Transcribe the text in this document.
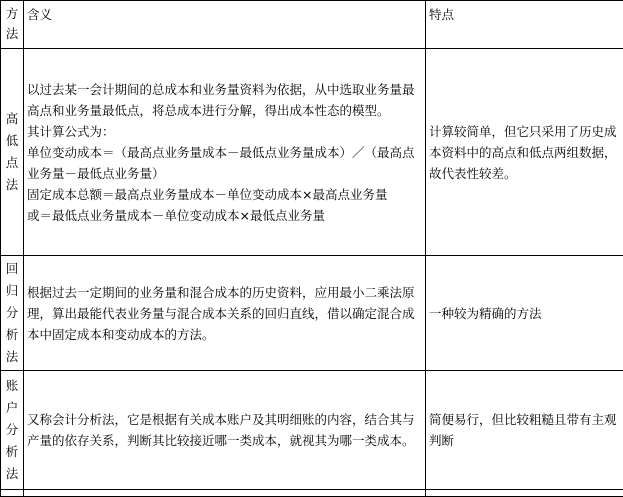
方法	含义	特点

高低点法	以过去某一会计期间的总成本和业务量资料为依据，从中选取业务量最高点和业务量最低点，将总成本进行分解，得出成本性态的模型。
其计算公式为：
单位变动成本＝（最高点业务量成本－最低点业务量成本）／（最高点业务量－最低点业务量）
固定成本总额＝最高点业务量成本－单位变动成本×最高点业务量
或＝最低点业务量成本－单位变动成本×最低点业务量	计算较简单，但它只采用了历史成本资料中的高点和低点两组数据，故代表性较差。

回归分析法	根据过去一定期间的业务量和混合成本的历史资料，应用最小二乘法原理，算出最能代表业务量与混合成本关系的回归直线，借以确定混合成本中固定成本和变动成本的方法。	一种较为精确的方法

账户分析法	又称会计分析法，它是根据有关成本账户及其明细账的内容，结合其与产量的依存关系，判断其比较接近哪一类成本，就视其为哪一类成本。	简便易行，但比较粗糙且带有主观判断
